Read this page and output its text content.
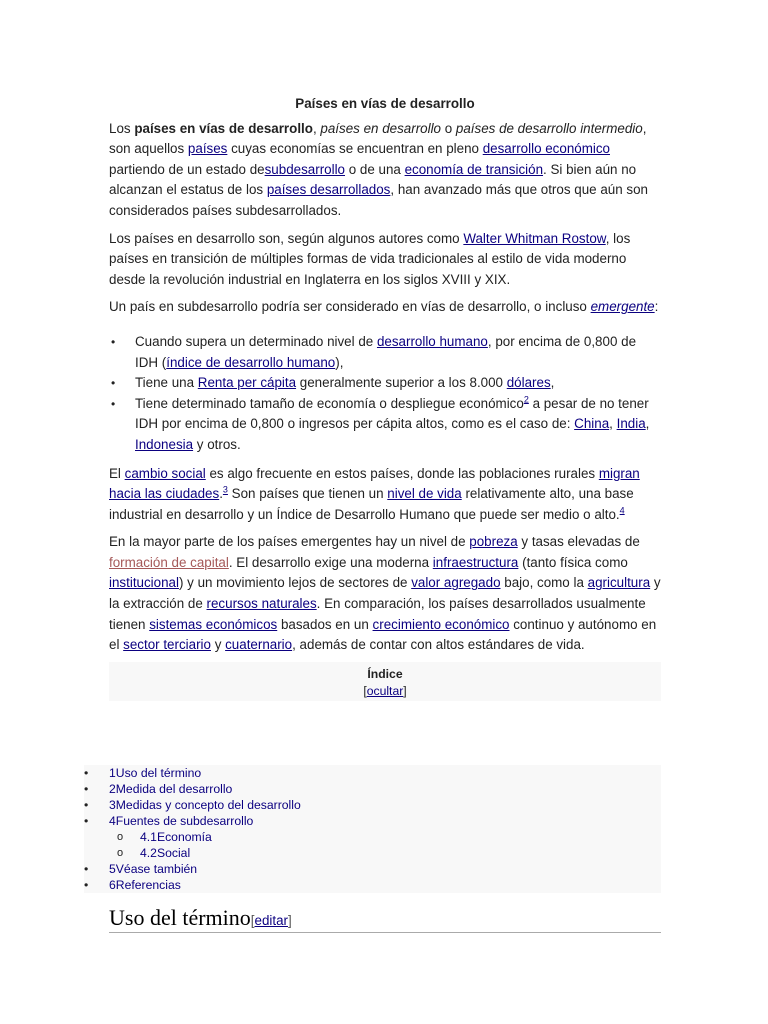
Países en vías de desarrollo

Los países en vías de desarrollo, países en desarrollo o países de desarrollo intermedio, son aquellos países cuyas economías se encuentran en pleno desarrollo económico partiendo de un estado desubdesarrollo o de una economía de transición. Si bien aún no alcanzan el estatus de los países desarrollados, han avanzado más que otros que aún son considerados países subdesarrollados.

Los países en desarrollo son, según algunos autores como Walter Whitman Rostow, los países en transición de múltiples formas de vida tradicionales al estilo de vida moderno desde la revolución industrial en Inglaterra en los siglos XVIII y XIX.

Un país en subdesarrollo podría ser considerado en vías de desarrollo, o incluso emergente:

• Cuando supera un determinado nivel de desarrollo humano, por encima de 0,800 de IDH (índice de desarrollo humano),
• Tiene una Renta per cápita generalmente superior a los 8.000 dólares,
• Tiene determinado tamaño de economía o despliegue económico$^2$ a pesar de no tener IDH por encima de 0,800 o ingresos per cápita altos, como es el caso de: China, India, Indonesia y otros.

El cambio social es algo frecuente en estos países, donde las poblaciones rurales migran hacia las ciudades.$^3$ Son países que tienen un nivel de vida relativamente alto, una base industrial en desarrollo y un Índice de Desarrollo Humano que puede ser medio o alto.$^4$

En la mayor parte de los países emergentes hay un nivel de pobreza y tasas elevadas de formación de capital. El desarrollo exige una moderna infraestructura (tanto física como institucional) y un movimiento lejos de sectores de valor agregado bajo, como la agricultura y la extracción de recursos naturales. En comparación, los países desarrollados usualmente tienen sistemas económicos basados en un crecimiento económico continuo y autónomo en el sector terciario y cuaternario, además de contar con altos estándares de vida.

Índice
[ocultar]
• 1Uso del término
• 2Medida del desarrollo
• 3Medidas y concepto del desarrollo
• 4Fuentes de subdesarrollo
o 4.1Economía
o 4.2Social
• 5Véase también
• 6Referencias
Uso del término[editar]
